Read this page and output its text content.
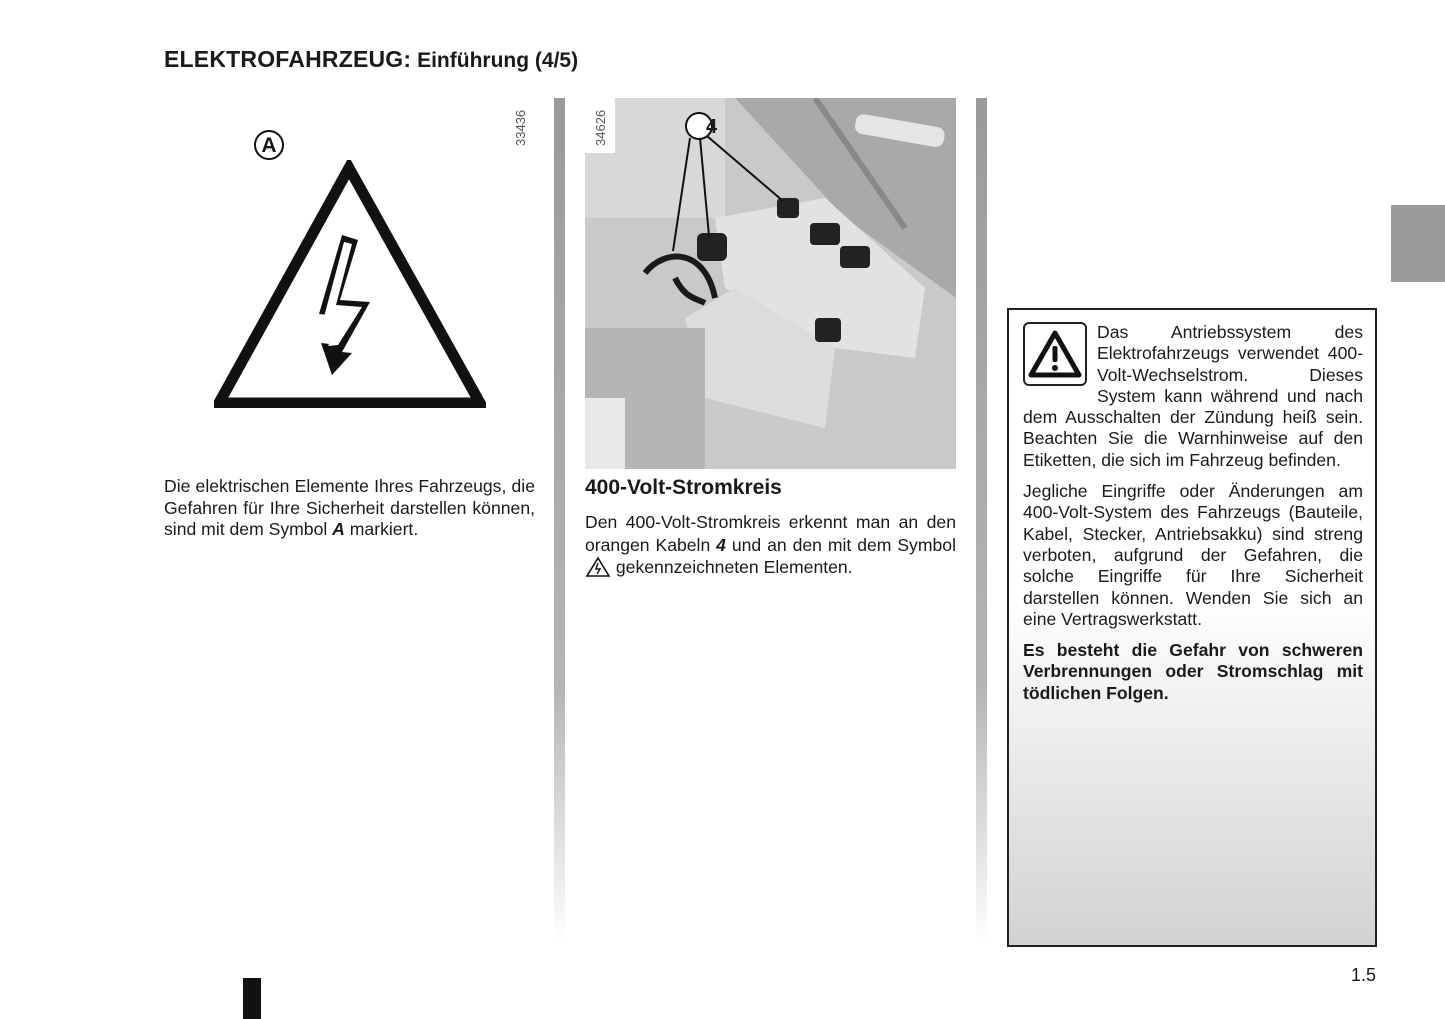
ELEKTROFAHRZEUG: Einführung (4/5)
33436
A
Die elektrischen Elemente Ihres Fahrzeugs, die Gefahren für Ihre Sicherheit darstellen können, sind mit dem Symbol A markiert.
4
34626
400-Volt-Stromkreis
Den 400-Volt-Stromkreis erkennt man an den orangen Kabeln 4 und an den mit dem Symbol  gekennzeichneten Elementen.

Das Antriebssystem des Elektrofahrzeugs verwendet 400-Volt-Wechselstrom. Dieses System kann während und nach dem Ausschalten der Zündung heiß sein. Beachten Sie die Warnhinweise auf den Etiketten, die sich im Fahrzeug befinden.

Jegliche Eingriffe oder Änderungen am 400-Volt-System des Fahrzeugs (Bauteile, Kabel, Stecker, Antriebsakku) sind streng verboten, aufgrund der Gefahren, die solche Eingriffe für Ihre Sicherheit darstellen können. Wenden Sie sich an eine Vertragswerkstatt.

Es besteht die Gefahr von schweren Verbrennungen oder Stromschlag mit tödlichen Folgen.

1.5
